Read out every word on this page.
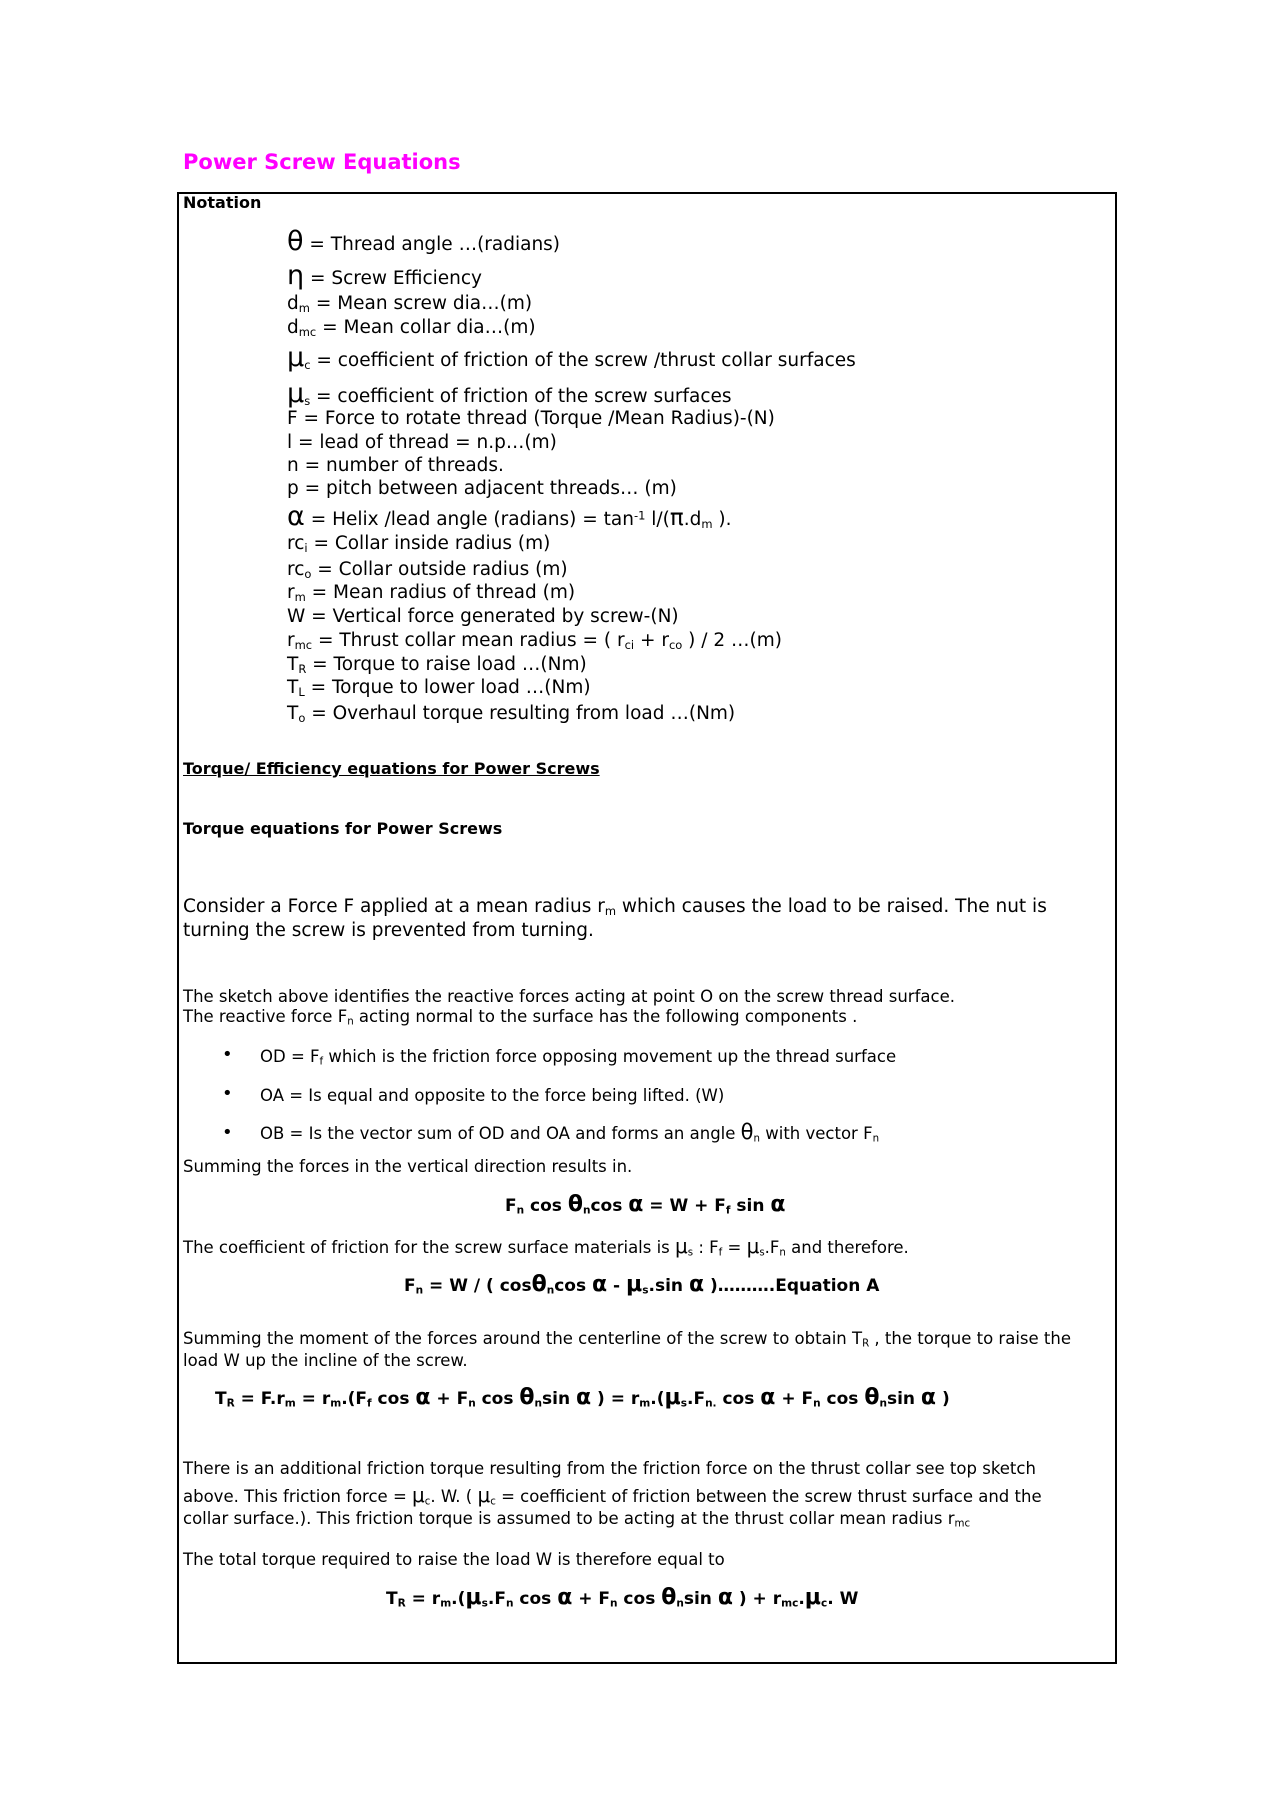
Power Screw Equations
Notation
θ = Thread angle …(radians)
η = Screw Efficiency
$d_m$ = Mean screw dia…(m)
$d_{mc}$ = Mean collar dia…(m)
$\mu_c$ = coefficient of friction of the screw /thrust collar surfaces
$\mu_s$ = coefficient of friction of the screw surfaces
F = Force to rotate thread (Torque /Mean Radius)-(N)
l = lead of thread = n.p…(m)
n = number of threads.
p = pitch between adjacent threads… (m)
α = Helix /lead angle (radians) = $\tan^{-1} l/(\pi.d_m$ ).
$rc_i$ = Collar inside radius (m)
$rc_o$ = Collar outside radius (m)
$r_m$ = Mean radius of thread (m)
W = Vertical force generated by screw-(N)
$r_{mc}$ = Thrust collar mean radius = ( $r_{ci} + r_{co}$ ) / 2 …(m)
$T_R$ = Torque to raise load …(Nm)
$T_L$ = Torque to lower load …(Nm)
$T_o$ = Overhaul torque resulting from load …(Nm)
Torque/ Efficiency equations for Power Screws
Torque equations for Power Screws
Consider a Force F applied at a mean radius $r_m$ which causes the load to be raised. The nut is
turning the screw is prevented from turning.
The sketch above identifies the reactive forces acting at point O on the screw thread surface.
The reactive force $F_n$ acting normal to the surface has the following components .
• OD = $F_f$ which is the friction force opposing movement up the thread surface
• OA = Is equal and opposite to the force being lifted. (W)
• OB = Is the vector sum of OD and OA and forms an angle $\theta_n$ with vector $F_n$
Summing the forces in the vertical direction results in.
$F_n$ $\cos \theta_n\cos$ $\alpha = W + F_f$ sin α
The coefficient of friction for the screw surface materials is $\mu_s$ : $F_f = \mu_s.F_n$ and therefore.
$F_n = W$ / ( cosθ$_n$cos α - $\mu_s.\sin$ α )……….Equation A
Summing the moment of the forces around the centerline of the screw to obtain $T_R$ , the torque to raise the
load W up the incline of the screw.
$T_R = F.r_m = r_m.(F_f$ $\cos \alpha + F_n$ $\cos \theta_n\sin$ α ) = $r_m.(\mu_s.F_{n.}$ $\cos \alpha + F_n$ $\cos \theta_n\sin$ α )
There is an additional friction torque resulting from the friction force on the thrust collar see top sketch
above. This friction force = $\mu_c$. W. ( $\mu_c$ = coefficient of friction between the screw thrust surface and the
collar surface.). This friction torque is assumed to be acting at the thrust collar mean radius $r_{mc}$
The total torque required to raise the load W is therefore equal to
$T_R = r_m.(\mu_s.F_n$ $\cos \alpha + F_n$ $\cos \theta_n\sin$ α ) + $r_{mc}.\mu_c$. W
